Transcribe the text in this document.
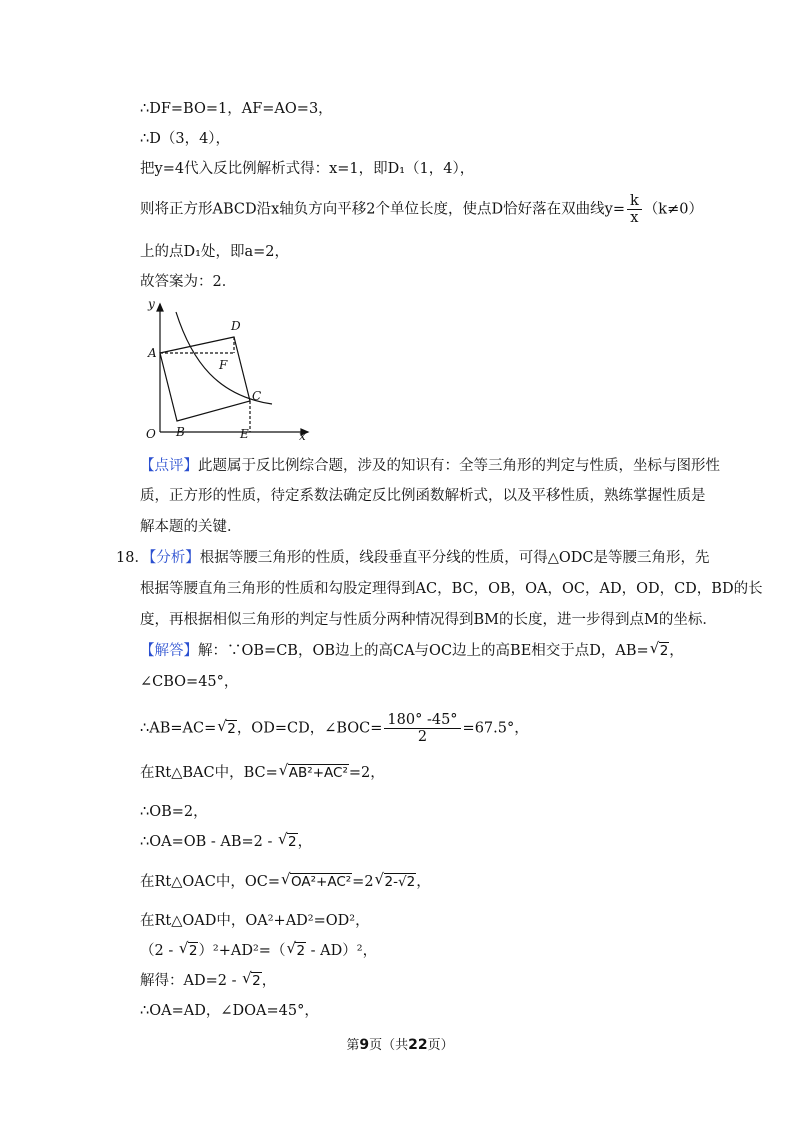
∴DF=BO=1，AF=AO=3，
∴D（3，4），
把y=4代入反比例解析式得：x=1，即D₁（1，4），
则将正方形ABCD沿x轴负方向平移2个单位长度，使点D恰好落在双曲线$y= \frac{k}{x} (k\ne 0)$
上的点D₁处，即a=2，
故答案为：2．
y
x
O
A
B
C
D
E
F
【点评】此题属于反比例综合题，涉及的知识有：全等三角形的判定与性质，坐标与图形性
质，正方形的性质，待定系数法确定反比例函数解析式，以及平移性质，熟练掌握性质是
解本题的关键．
18．【分析】根据等腰三角形的性质，线段垂直平分线的性质，可得△ODC是等腰三角形，先
根据等腰直角三角形的性质和勾股定理得到AC，BC，OB，OA，OC，AD，OD，CD，BD的长
度，再根据相似三角形的判定与性质分两种情况得到BM的长度，进一步得到点M的坐标．
【解答】解：∵OB=CB，OB边上的高CA与OC边上的高BE相交于点D，AB= √ 2，
∠CBO=45°，
∴AB=AC= √ 2，OD=CD，∠BOC= $\frac{180^\circ -45^\circ}{2} =67.5^\circ$，
在Rt△BAC中，BC= √ AB²+AC²=2，
∴OB=2，
∴OA=OB - AB=2 - √ 2，
在Rt△OAC中，OC= √ OA²+AC²=2 √ 2-√2，
在Rt△OAD中，OA²+AD²=OD²，
（2 - √ 2）²+AD²=（ √ 2 - AD）²，
解得：AD=2 - √ 2，
∴OA=AD，∠DOA=45°，
第9页（共22页）
